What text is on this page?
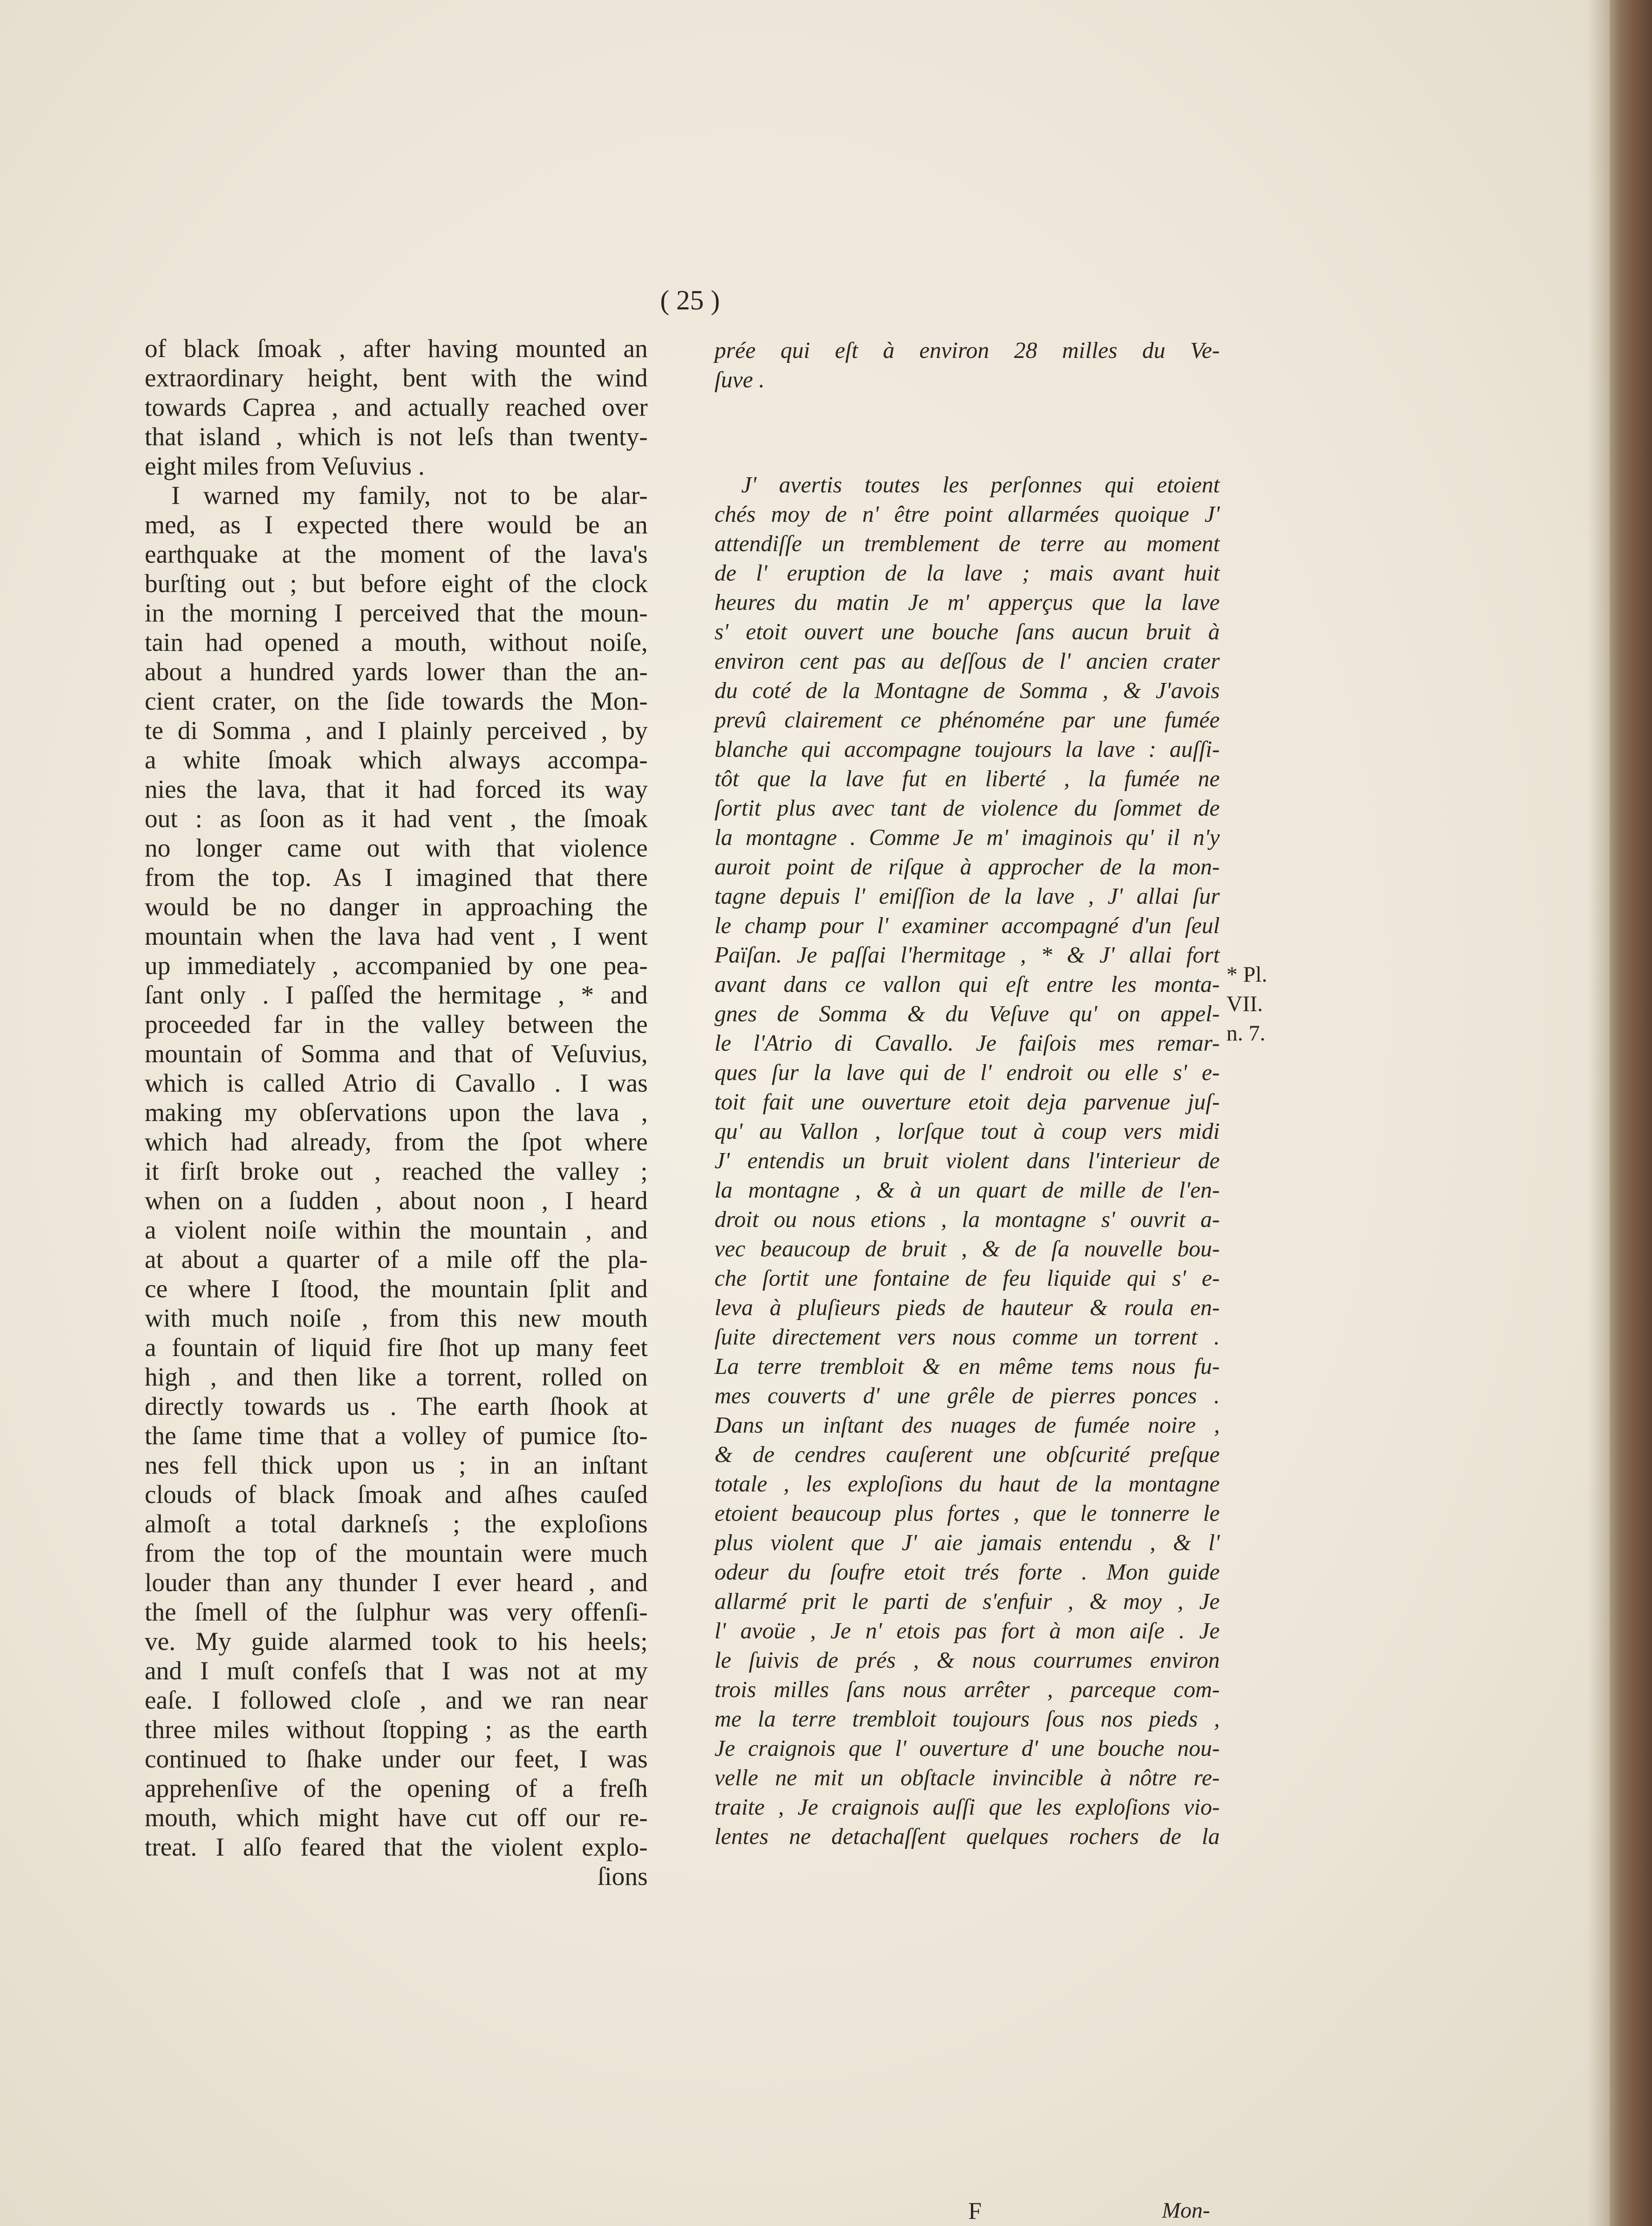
( 25 )
of black ſmoak , after having mounted an
extraordinary height, bent with the wind
towards Caprea , and actually reached over
that island , which is not leſs than twenty-
eight miles from Veſuvius .
I warned my family, not to be alar-
med, as I expected there would be an
earthquake at the moment of the lava's
burſting out ; but before eight of the clock
in the morning I perceived that the moun-
tain had opened a mouth, without noiſe,
about a hundred yards lower than the an-
cient crater, on the ſide towards the Mon-
te di Somma , and I plainly perceived , by
a white ſmoak which always accompa-
nies the lava, that it had forced its way
out : as ſoon as it had vent , the ſmoak
no longer came out with that violence
from the top. As I imagined that there
would be no danger in approaching the
mountain when the lava had vent , I went
up immediately , accompanied by one pea-
ſant only . I paſſed the hermitage , * and
proceeded far in the valley between the
mountain of Somma and that of Veſuvius,
which is called Atrio di Cavallo . I was
making my obſervations upon the lava ,
which had already, from the ſpot where
it firſt broke out , reached the valley ;
when on a ſudden , about noon , I heard
a violent noiſe within the mountain , and
at about a quarter of a mile off the pla-
ce where I ſtood, the mountain ſplit and
with much noiſe , from this new mouth
a fountain of liquid fire ſhot up many feet
high , and then like a torrent, rolled on
directly towards us . The earth ſhook at
the ſame time that a volley of pumice ſto-
nes fell thick upon us ; in an inſtant
clouds of black ſmoak and aſhes cauſed
almoſt a total darkneſs ; the exploſions
from the top of the mountain were much
louder than any thunder I ever heard , and
the ſmell of the ſulphur was very offenſi-
ve. My guide alarmed took to his heels;
and I muſt confeſs that I was not at my
eaſe. I followed cloſe , and we ran near
three miles without ſtopping ; as the earth
continued to ſhake under our feet, I was
apprehenſive of the opening of a freſh
mouth, which might have cut off our re-
treat. I alſo feared that the violent explo-
ſions
prée qui eſt à environ 28 milles du Ve-
ſuve .
J' avertis toutes les perſonnes qui etoient
chés moy de n' être point allarmées quoique J'
attendiſſe un tremblement de terre au moment
de l' eruption de la lave ; mais avant huit
heures du matin Je m' apperçus que la lave
s' etoit ouvert une bouche ſans aucun bruit à
environ cent pas au deſſous de l' ancien crater
du coté de la Montagne de Somma , & J'avois
prevû clairement ce phénoméne par une fumée
blanche qui accompagne toujours la lave : auſſi-
tôt que la lave fut en liberté , la fumée ne
ſortit plus avec tant de violence du ſommet de
la montagne . Comme Je m' imaginois qu' il n'y
auroit point de riſque à approcher de la mon-
tagne depuis l' emiſſion de la lave , J' allai ſur
le champ pour l' examiner accompagné d'un ſeul
Païſan. Je paſſai l'hermitage , * & J' allai fort
avant dans ce vallon qui eſt entre les monta-
gnes de Somma & du Veſuve qu' on appel-
le l'Atrio di Cavallo. Je faiſois mes remar-
ques ſur la lave qui de l' endroit ou elle s' e-
toit fait une ouverture etoit deja parvenue juſ-
qu' au Vallon , lorſque tout à coup vers midi
J' entendis un bruit violent dans l'interieur de
la montagne , & à un quart de mille de l'en-
droit ou nous etions , la montagne s' ouvrit a-
vec beaucoup de bruit , & de ſa nouvelle bou-
che ſortit une fontaine de feu liquide qui s' e-
leva à pluſieurs pieds de hauteur & roula en-
ſuite directement vers nous comme un torrent .
La terre trembloit & en même tems nous fu-
mes couverts d' une grêle de pierres ponces .
Dans un inſtant des nuages de fumée noire ,
& de cendres cauſerent une obſcurité preſque
totale , les exploſions du haut de la montagne
etoient beaucoup plus fortes , que le tonnerre le
plus violent que J' aie jamais entendu , & l'
odeur du ſoufre etoit trés forte . Mon guide
allarmé prit le parti de s'enfuir , & moy , Je
l' avoüe , Je n' etois pas fort à mon aiſe . Je
le ſuivis de prés , & nous courrumes environ
trois milles ſans nous arrêter , parceque com-
me la terre trembloit toujours ſous nos pieds ,
Je craignois que l' ouverture d' une bouche nou-
velle ne mit un obſtacle invincible à nôtre re-
traite , Je craignois auſſi que les exploſions vio-
lentes ne detachaſſent quelques rochers de la
* Pl.
VII.
n. 7.
F	Mon-
